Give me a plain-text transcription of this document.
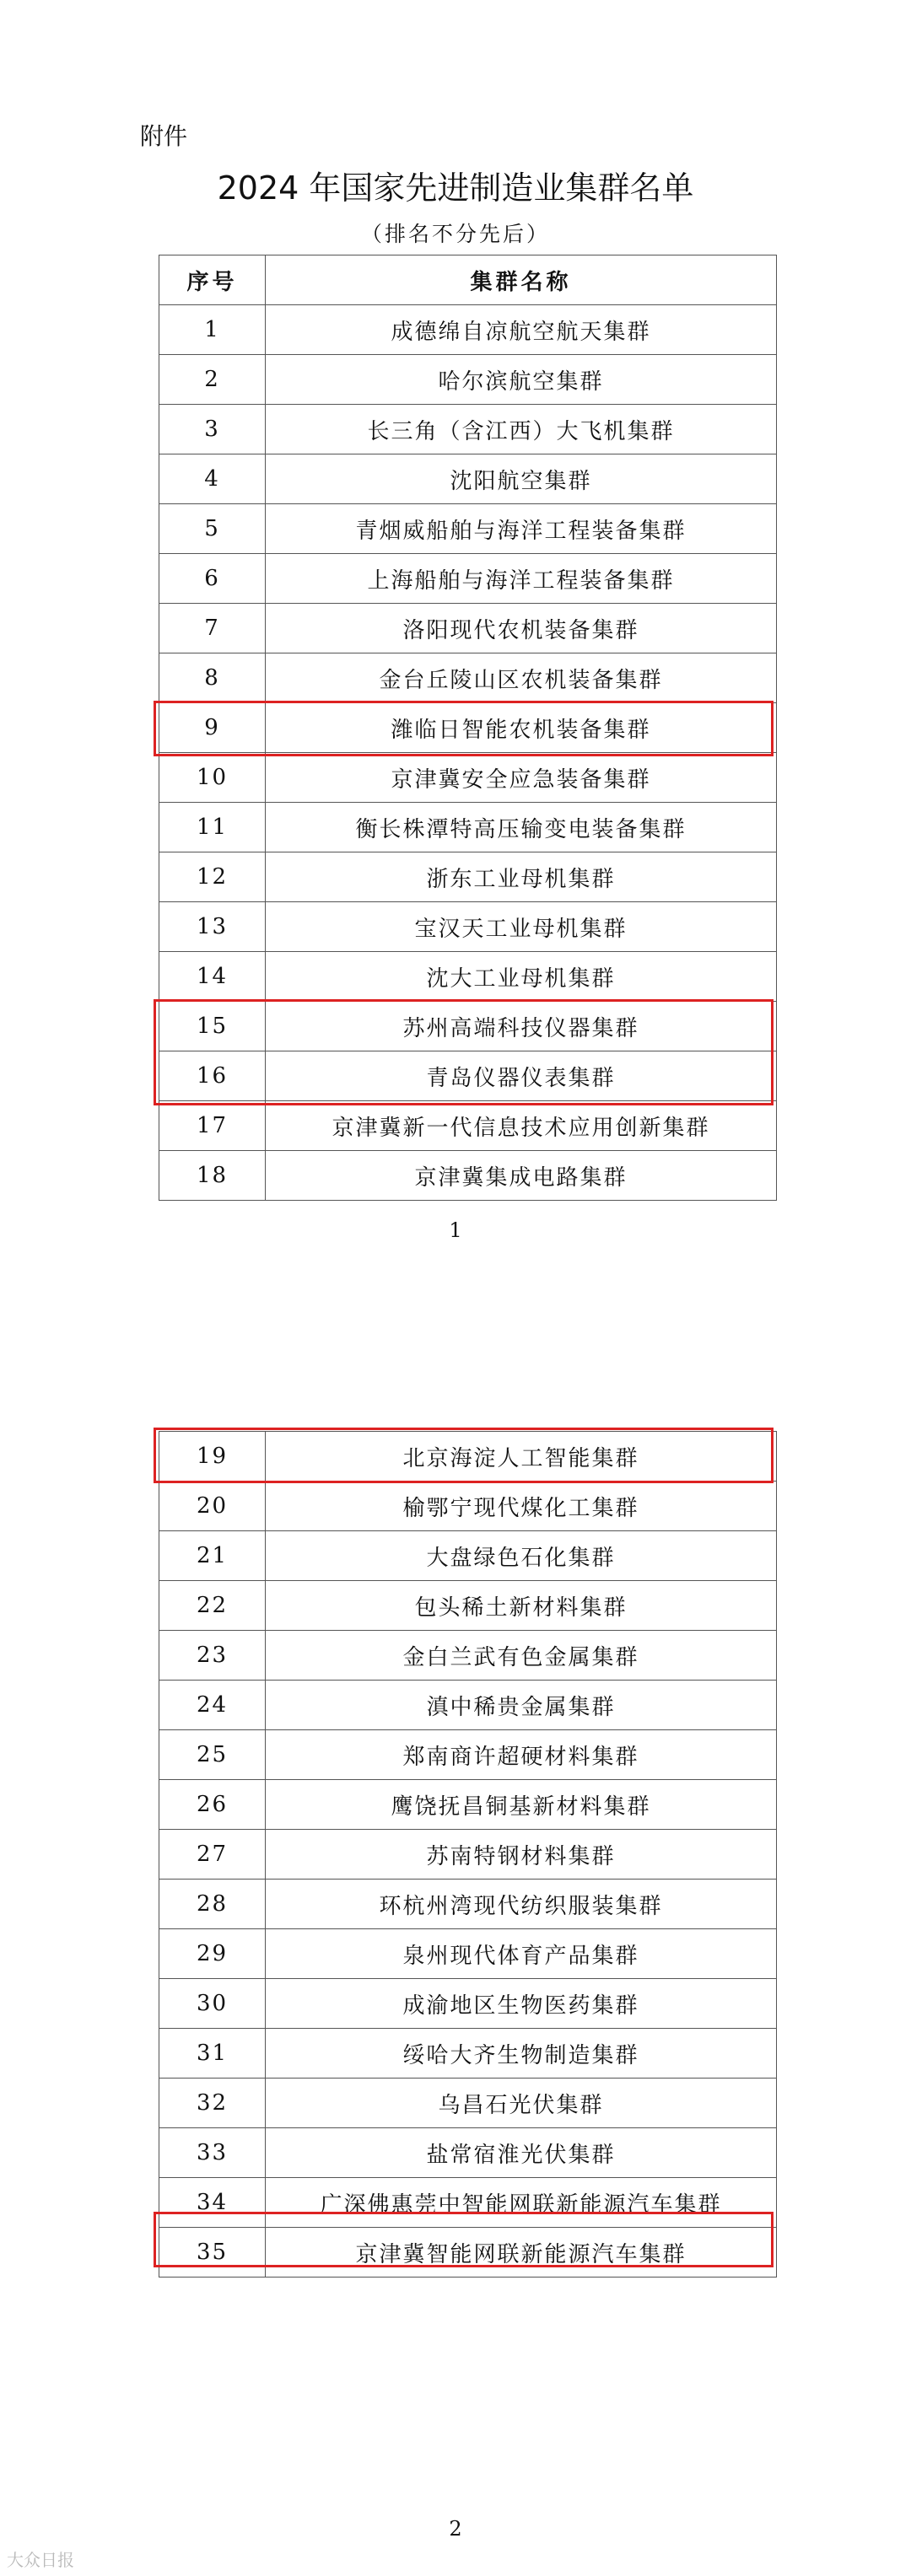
附件
2024 年国家先进制造业集群名单
（排名不分先后）
序号	集群名称
1	成德绵自凉航空航天集群
2	哈尔滨航空集群
3	长三角（含江西）大飞机集群
4	沈阳航空集群
5	青烟威船舶与海洋工程装备集群
6	上海船舶与海洋工程装备集群
7	洛阳现代农机装备集群
8	金台丘陵山区农机装备集群
9	潍临日智能农机装备集群
10	京津冀安全应急装备集群
11	衡长株潭特高压输变电装备集群
12	浙东工业母机集群
13	宝汉天工业母机集群
14	沈大工业母机集群
15	苏州高端科技仪器集群
16	青岛仪器仪表集群
17	京津冀新一代信息技术应用创新集群
18	京津冀集成电路集群
1
19	北京海淀人工智能集群
20	榆鄂宁现代煤化工集群
21	大盘绿色石化集群
22	包头稀土新材料集群
23	金白兰武有色金属集群
24	滇中稀贵金属集群
25	郑南商许超硬材料集群
26	鹰饶抚昌铜基新材料集群
27	苏南特钢材料集群
28	环杭州湾现代纺织服装集群
29	泉州现代体育产品集群
30	成渝地区生物医药集群
31	绥哈大齐生物制造集群
32	乌昌石光伏集群
33	盐常宿淮光伏集群
34	广深佛惠莞中智能网联新能源汽车集群
35	京津冀智能网联新能源汽车集群
2
大众日报
